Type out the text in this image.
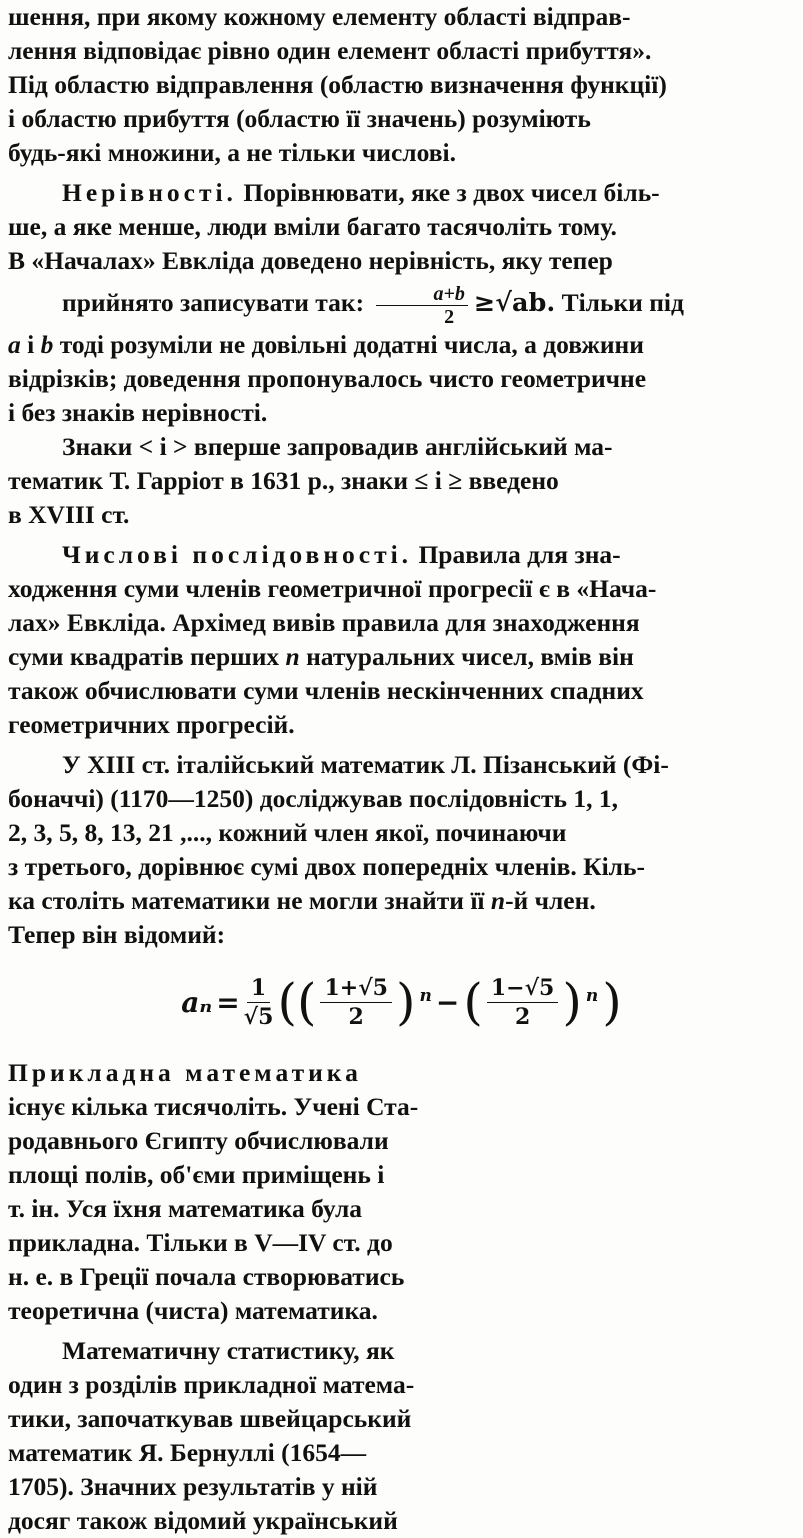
шення, при якому кожному елементу області відправ-
лення відповідає рівно один елемент області прибуття».
Під областю відправлення (областю визначення функції)
і областю прибуття (областю її значень) розуміють
будь-які множини, а не тільки числові.

Нерівності. Порівнювати, яке з двох чисел біль-
ше, а яке менше, люди вміли багато тасячоліть тому.
В «Началах» Евкліда доведено нерівність, яку тепер
прийнято записувати так: $\frac{a+b}{2} \ge√ab$. Тільки під
a і b тоді розуміли не довільні додатні числа, а довжини
відрізків; доведення пропонувалось чисто геометричне
і без знаків нерівності.

Знаки < і > вперше запровадив англійський ма-
тематик Т. Гарріот в 1631 р., знаки ≤ і ≥ введено
в XVIII ст.

Числові послідовності. Правила для зна-
ходження суми членів геометричної прогресії є в «Нача-
лах» Евкліда. Архімед вивів правила для знаходження
суми квадратів перших n натуральних чисел, вмів він
також обчислювати суми членів нескінченних спадних
геометричних прогресій.

У XIII ст. італійський математик Л. Пізанський (Фі-
боначчі) (1170—1250) досліджував послідовність 1, 1,
2, 3, 5, 8, 13, 21 ,..., кожний член якої, починаючи
з третього, дорівнює сумі двох попередніх членів. Кіль-
ка століть математики не могли знайти її n-й член.
Тепер він відомий:

$a_n = \frac{1}{√5}$ (( $\frac{1+√5}{2} )^n$ − ( $\frac{1-√5}{2} )^n$ )

Прикладна математика
існує кілька тисячоліть. Учені Ста-
родавнього Єгипту обчислювали
площі полів, об'єми приміщень і
т. ін. Уся їхня математика була
прикладна. Тільки в V—IV ст. до
н. е. в Греції почала створюватись
теоретична (чиста) математика.

Математичну статистику, як
один з розділів прикладної матема-
тики, започаткував швейцарський
математик Я. Бернуллі (1654—
1705). Значних результатів у ній
досяг також відомий український
